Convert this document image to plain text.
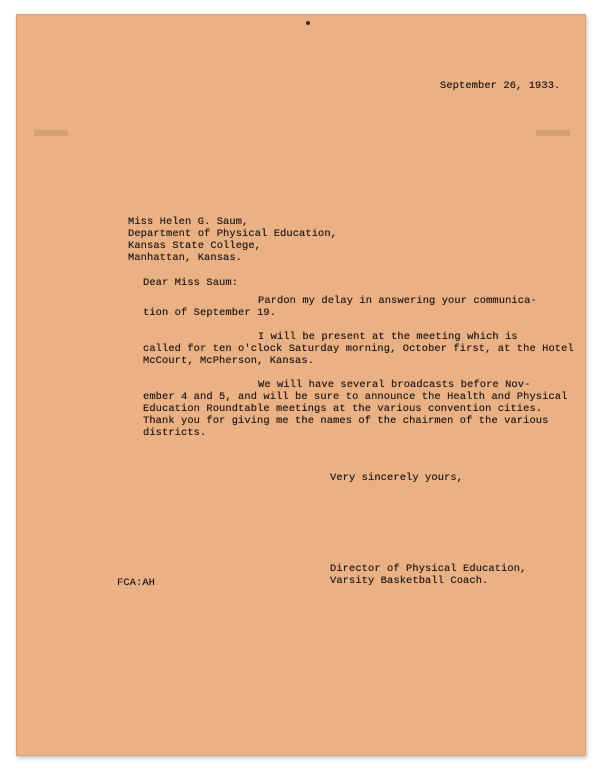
September 26, 1933.
Miss Helen G. Saum,
Department of Physical Education,
Kansas State College,
Manhattan, Kansas.
Dear Miss Saum:
Pardon my delay in answering your communica-
tion of September 19.
I will be present at the meeting which is
called for ten o'clock Saturday morning, October first, at the Hotel
McCourt, McPherson, Kansas.
We will have several broadcasts before Nov-
ember 4 and 5, and will be sure to announce the Health and Physical
Education Roundtable meetings at the various convention cities.
Thank you for giving me the names of the chairmen of the various
districts.
Very sincerely yours,
Director of Physical Education,
Varsity Basketball Coach.
FCA:AH
